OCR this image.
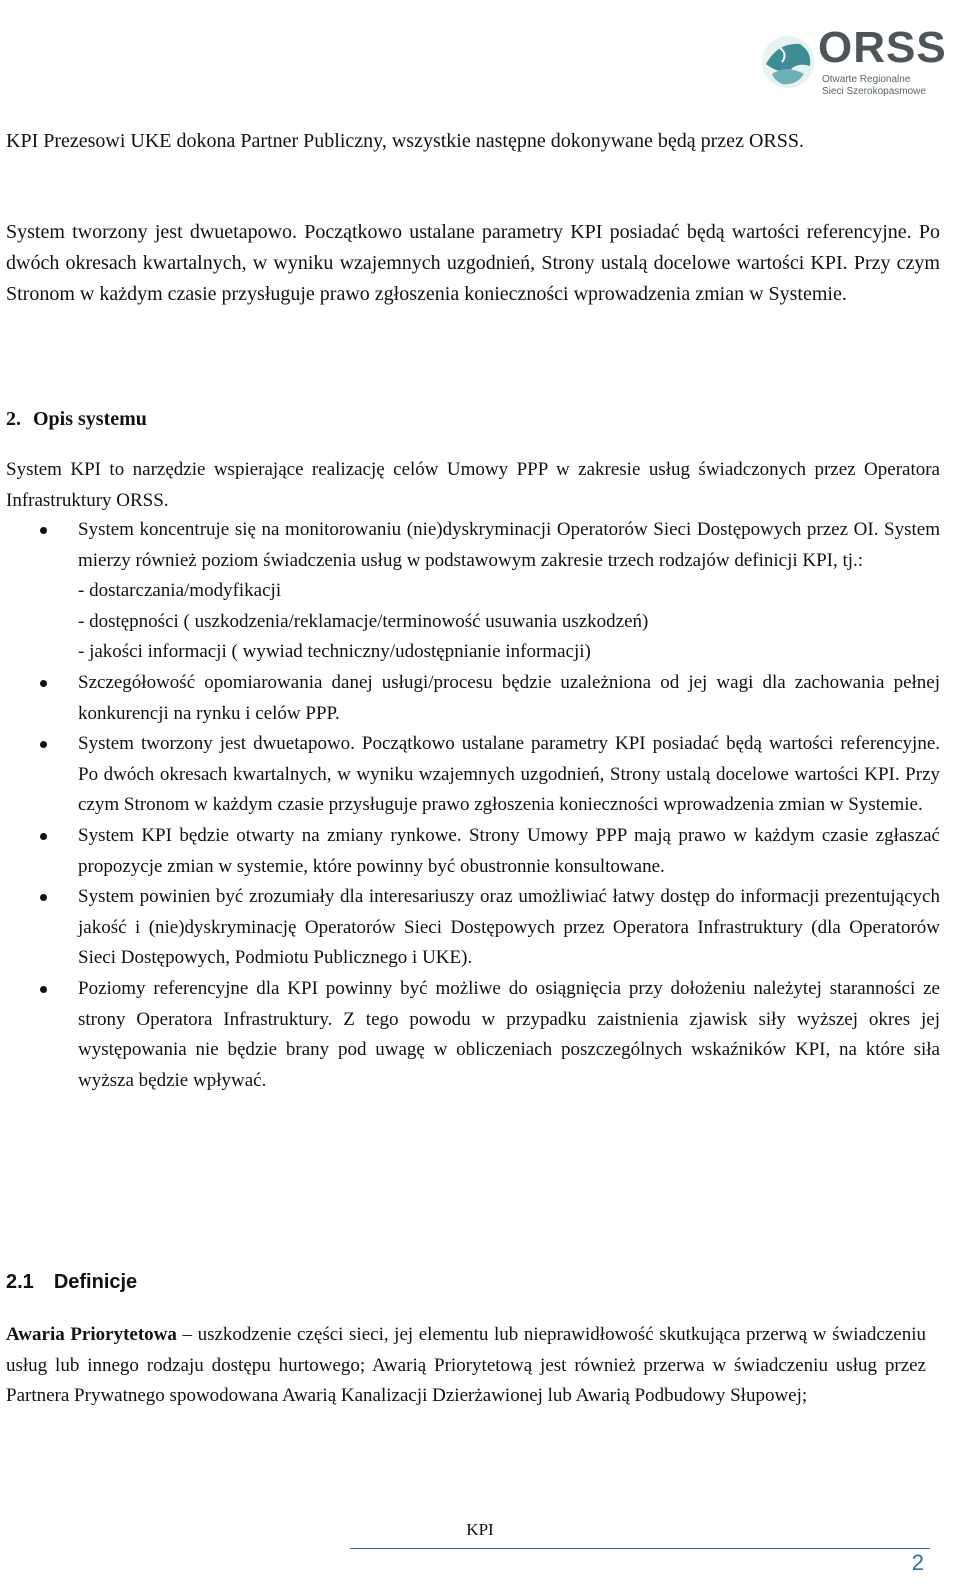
ORSS
Otwarte Regionalne
Sieci Szerokopasmowe

KPI Prezesowi UKE dokona Partner Publiczny, wszystkie następne dokonywane będą przez ORSS.

System tworzony jest dwuetapowo. Początkowo ustalane parametry KPI posiadać będą wartości referencyjne. Po dwóch okresach kwartalnych, w wyniku wzajemnych uzgodnień, Strony ustalą docelowe wartości KPI. Przy czym Stronom w każdym czasie przysługuje prawo zgłoszenia konieczności wprowadzenia zmian w Systemie.

2. Opis systemu

System KPI to narzędzie wspierające realizację celów Umowy PPP w zakresie usług świadczonych przez Operatora Infrastruktury ORSS.

System koncentruje się na monitorowaniu (nie)dyskryminacji Operatorów Sieci Dostępowych przez OI. System mierzy również poziom świadczenia usług w podstawowym zakresie trzech rodzajów definicji KPI, tj.:
- dostarczania/modyfikacji
- dostępności ( uszkodzenia/reklamacje/terminowość usuwania uszkodzeń)
- jakości informacji ( wywiad techniczny/udostępnianie informacji)
Szczegółowość opomiarowania danej usługi/procesu będzie uzależniona od jej wagi dla zachowania pełnej konkurencji na rynku i celów PPP.
System tworzony jest dwuetapowo. Początkowo ustalane parametry KPI posiadać będą wartości referencyjne. Po dwóch okresach kwartalnych, w wyniku wzajemnych uzgodnień, Strony ustalą docelowe wartości KPI. Przy czym Stronom w każdym czasie przysługuje prawo zgłoszenia konieczności wprowadzenia zmian w Systemie.
System KPI będzie otwarty na zmiany rynkowe. Strony Umowy PPP mają prawo w każdym czasie zgłaszać propozycje zmian w systemie, które powinny być obustronnie konsultowane.
System powinien być zrozumiały dla interesariuszy oraz umożliwiać łatwy dostęp do informacji prezentujących jakość i (nie)dyskryminację Operatorów Sieci Dostępowych przez Operatora Infrastruktury (dla Operatorów Sieci Dostępowych, Podmiotu Publicznego i UKE).
Poziomy referencyjne dla KPI powinny być możliwe do osiągnięcia przy dołożeniu należytej staranności ze strony Operatora Infrastruktury. Z tego powodu w przypadku zaistnienia zjawisk siły wyższej okres jej występowania nie będzie brany pod uwagę w obliczeniach poszczególnych wskaźników KPI, na które siła wyższa będzie wpływać.
2.1 Definicje

Awaria Priorytetowa – uszkodzenie części sieci, jej elementu lub nieprawidłowość skutkująca przerwą w świadczeniu usług lub innego rodzaju dostępu hurtowego; Awarią Priorytetową jest również przerwa w świadczeniu usług przez Partnera Prywatnego spowodowana Awarią Kanalizacji Dzierżawionej lub Awarią Podbudowy Słupowej;

KPI
2
